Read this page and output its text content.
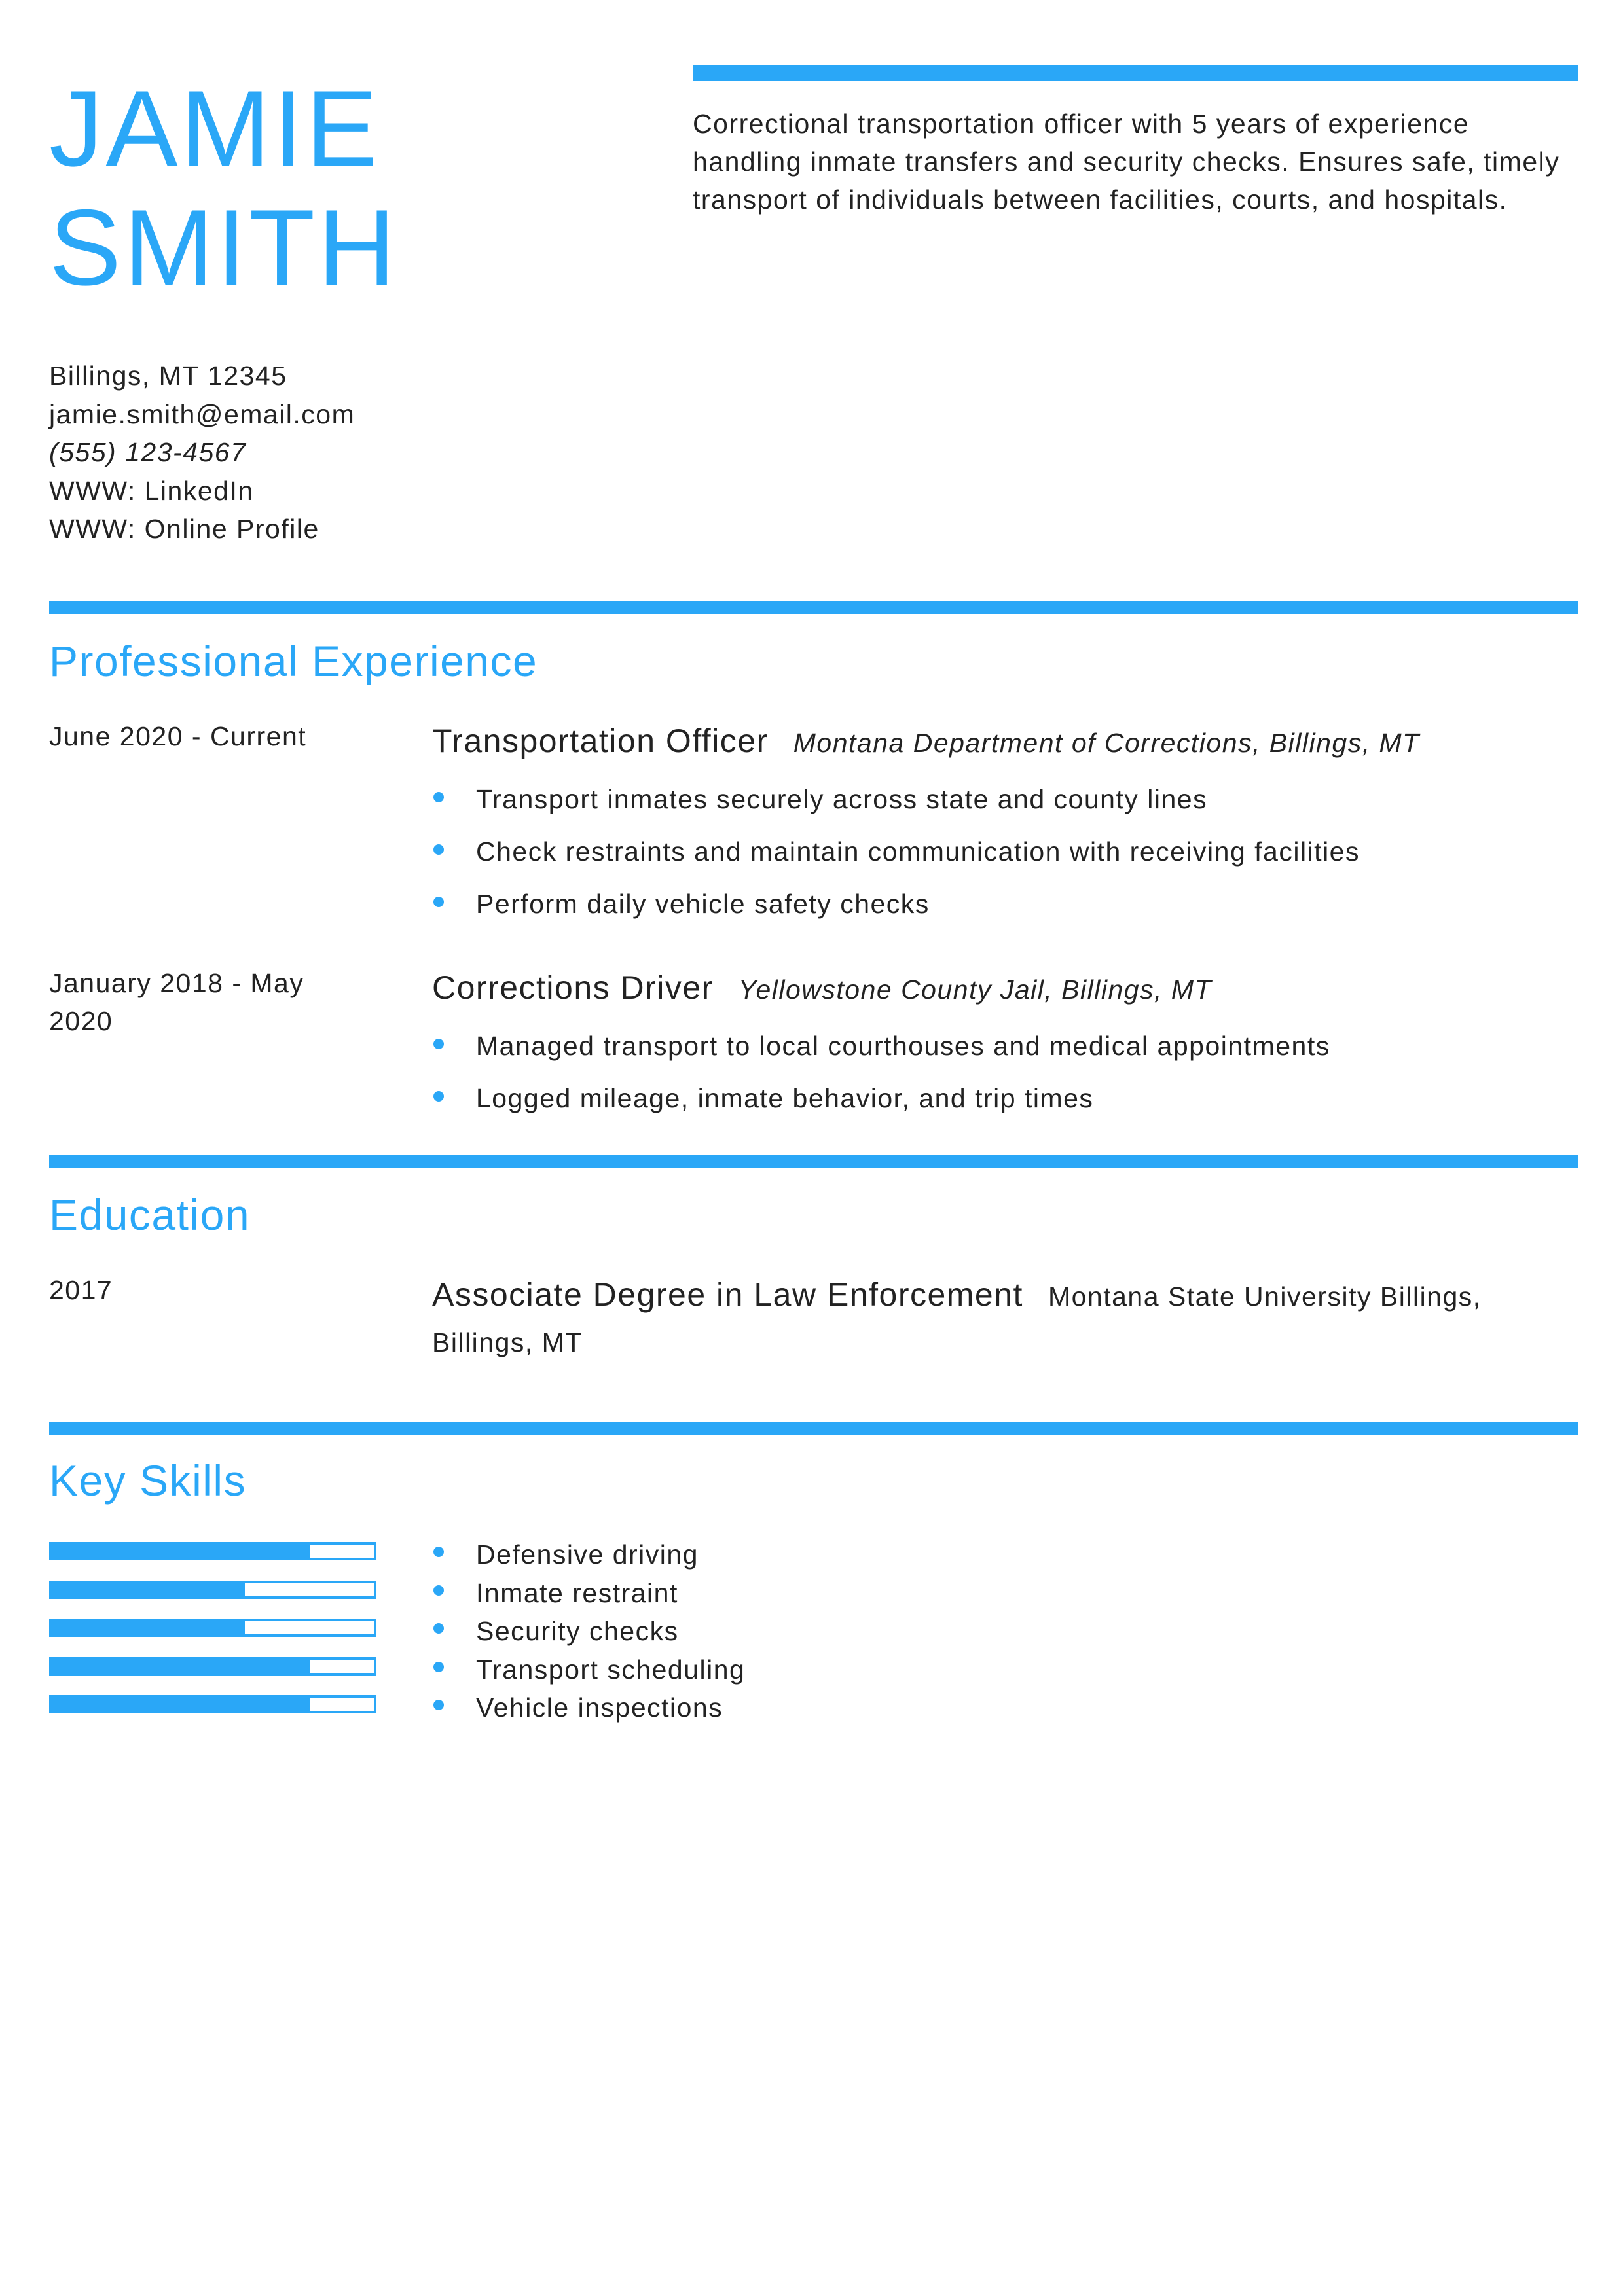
JAMIE
SMITH
Correctional transportation officer with 5 years of experience handling inmate transfers and security checks. Ensures safe, timely transport of individuals between facilities, courts, and hospitals.
Billings, MT 12345
jamie.smith@email.com
(555) 123-4567
WWW: LinkedIn
WWW: Online Profile
Professional Experience
June 2020 - Current	Transportation Officer Montana Department of Corrections, Billings, MT
Transport inmates securely across state and county lines
Check restraints and maintain communication with receiving facilities
Perform daily vehicle safety checks
January 2018 - May 2020
Corrections Driver Yellowstone County Jail, Billings, MT
Managed transport to local courthouses and medical appointments
Logged mileage, inmate behavior, and trip times
Education
2017	Associate Degree in Law Enforcement Montana State University Billings, Billings, MT
Key Skills
Defensive driving
Inmate restraint
Security checks
Transport scheduling
Vehicle inspections
